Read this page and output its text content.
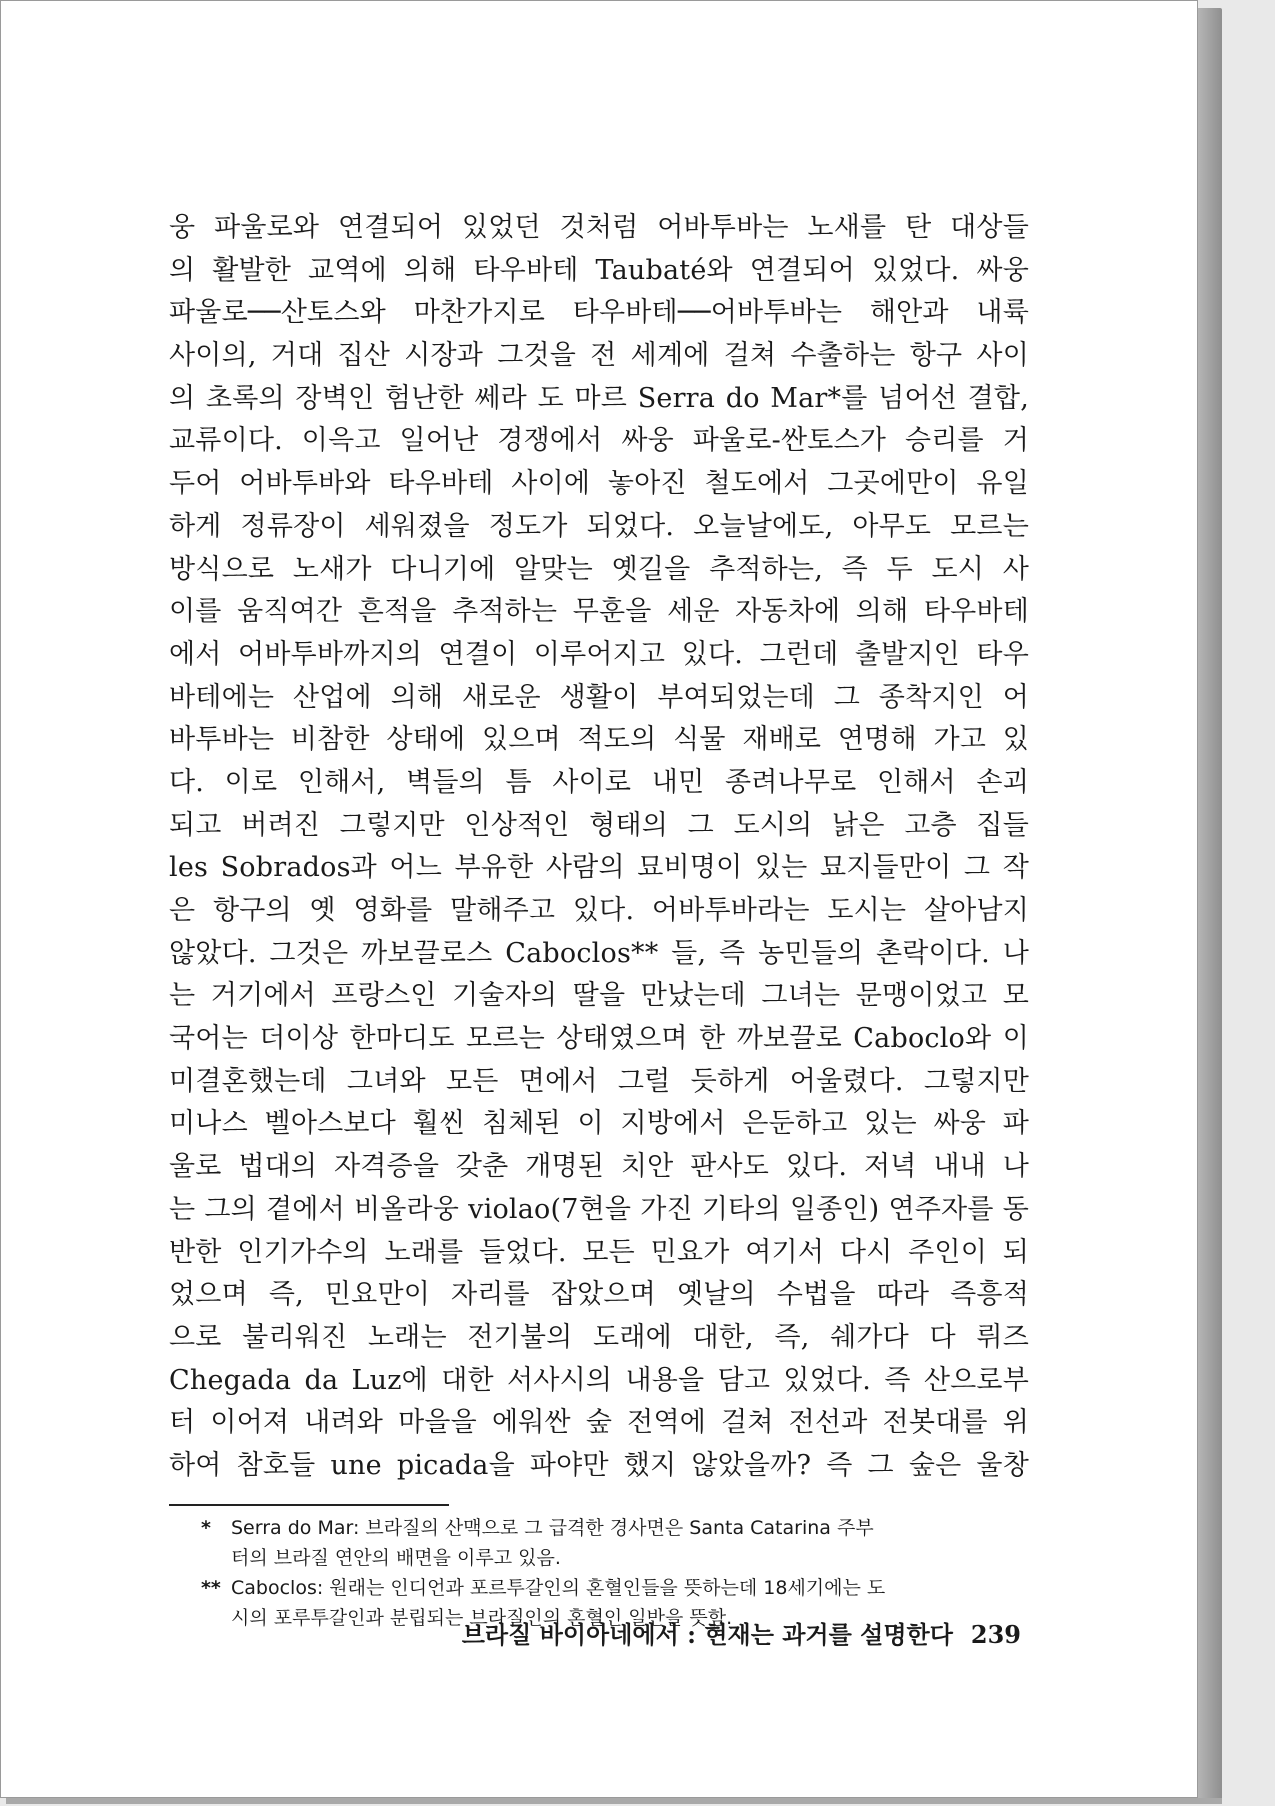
웅 파울로와 연결되어 있었던 것처럼 어바투바는 노새를 탄 대상들
의 활발한 교역에 의해 타우바테 Taubaté와 연결되어 있었다. 싸웅
파울로──산토스와 마찬가지로 타우바테──어바투바는 해안과 내륙
사이의, 거대 집산 시장과 그것을 전 세계에 걸쳐 수출하는 항구 사이
의 초록의 장벽인 험난한 쎄라 도 마르 Serra do Mar*를 넘어선 결합,
교류이다. 이윽고 일어난 경쟁에서 싸웅 파울로-싼토스가 승리를 거
두어 어바투바와 타우바테 사이에 놓아진 철도에서 그곳에만이 유일
하게 정류장이 세워졌을 정도가 되었다. 오늘날에도, 아무도 모르는
방식으로 노새가 다니기에 알맞는 옛길을 추적하는, 즉 두 도시 사
이를 움직여간 흔적을 추적하는 무훈을 세운 자동차에 의해 타우바테
에서 어바투바까지의 연결이 이루어지고 있다. 그런데 출발지인 타우
바테에는 산업에 의해 새로운 생활이 부여되었는데 그 종착지인 어
바투바는 비참한 상태에 있으며 적도의 식물 재배로 연명해 가고 있
다. 이로 인해서, 벽들의 틈 사이로 내민 종려나무로 인해서 손괴
되고 버려진 그렇지만 인상적인 형태의 그 도시의 낡은 고층 집들
les Sobrados과 어느 부유한 사람의 묘비명이 있는 묘지들만이 그 작
은 항구의 옛 영화를 말해주고 있다. 어바투바라는 도시는 살아남지
않았다. 그것은 까보끌로스 Caboclos** 들, 즉 농민들의 촌락이다. 나
는 거기에서 프랑스인 기술자의 딸을 만났는데 그녀는 문맹이었고 모
국어는 더이상 한마디도 모르는 상태였으며 한 까보끌로 Caboclo와 이
미결혼했는데 그녀와 모든 면에서 그럴 듯하게 어울렸다. 그렇지만
미나스 벨아스보다 훨씬 침체된 이 지방에서 은둔하고 있는 싸웅 파
울로 법대의 자격증을 갖춘 개명된 치안 판사도 있다. 저녁 내내 나
는 그의 곁에서 비올라웅 violao(7현을 가진 기타의 일종인) 연주자를 동
반한 인기가수의 노래를 들었다. 모든 민요가 여기서 다시 주인이 되
었으며 즉, 민요만이 자리를 잡았으며 옛날의 수법을 따라 즉흥적
으로 불리워진 노래는 전기불의 도래에 대한, 즉, 쉐가다 다 뤼즈
Chegada da Luz에 대한 서사시의 내용을 담고 있었다. 즉 산으로부
터 이어져 내려와 마을을 에워싼 숲 전역에 걸쳐 전선과 전봇대를 위
하여 참호들 une picada을 파야만 했지 않았을까? 즉 그 숲은 울창
* Serra do Mar: 브라질의 산맥으로 그 급격한 경사면은 Santa Catarina 주부
터의 브라질 연안의 배면을 이루고 있음.
** Caboclos: 원래는 인디언과 포르투갈인의 혼혈인들을 뜻하는데 18세기에는 도
시의 포루투갈인과 분립되는 브라질인의 혼혈인 일반을 뜻함.
브라질 바이아네에서 : 현재는 과거를 설명한다 239
